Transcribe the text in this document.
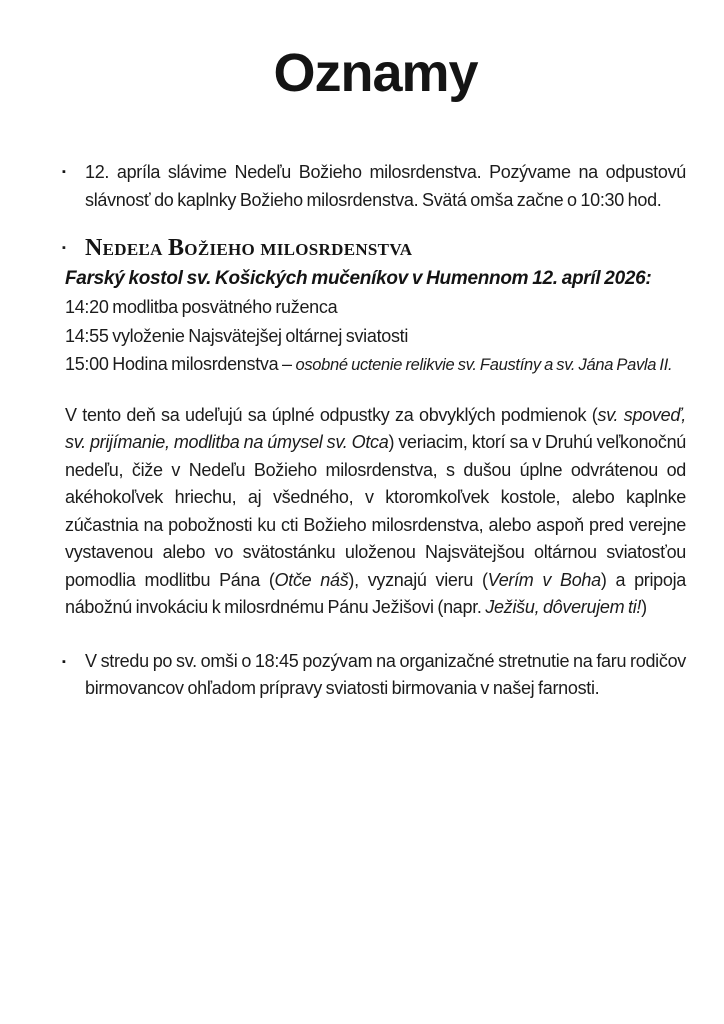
Oznamy
▪	12. apríla slávime Nedeľu Božieho milosrdenstva. Pozývame na odpustovú slávnosť do kaplnky Božieho milosrdenstva. Svätá omša začne o 10:30 hod.
▪ Nedeľa Božieho milosrdenstva

Farský kostol sv. Košických mučeníkov v Humennom 12. apríl 2026:

14:20 modlitba posvätného ruženca

14:55 vyloženie Najsvätejšej oltárnej sviatosti

15:00 Hodina milosrdenstva – osobné uctenie relikvie sv. Faustíny a sv. Jána Pavla II.

V tento deň sa udeľujú sa úplné odpustky za obvyklých podmienok (sv. spoveď, sv. prijímanie, modlitba na úmysel sv. Otca) veriacim, ktorí sa v Druhú veľkonočnú nedeľu, čiže v Nedeľu Božieho milosrdenstva, s dušou úplne odvrátenou od akéhokoľvek hriechu, aj všedného, v ktoromkoľvek kostole, alebo kaplnke zúčastnia na pobožnosti ku cti Božieho milosrdenstva, alebo aspoň pred verejne vystavenou alebo vo svätostánku uloženou Najsvätejšou oltárnou sviatosťou pomodlia modlitbu Pána (Otče náš), vyznajú vieru (Verím v Boha) a pripoja nábožnú invokáciu k milosrdnému Pánu Ježišovi (napr. Ježišu, dôverujem ti!)

▪	V stredu po sv. omši o 18:45 pozývam na organizačné stretnutie na faru rodičov birmovancov ohľadom prípravy sviatosti birmovania v našej farnosti.
